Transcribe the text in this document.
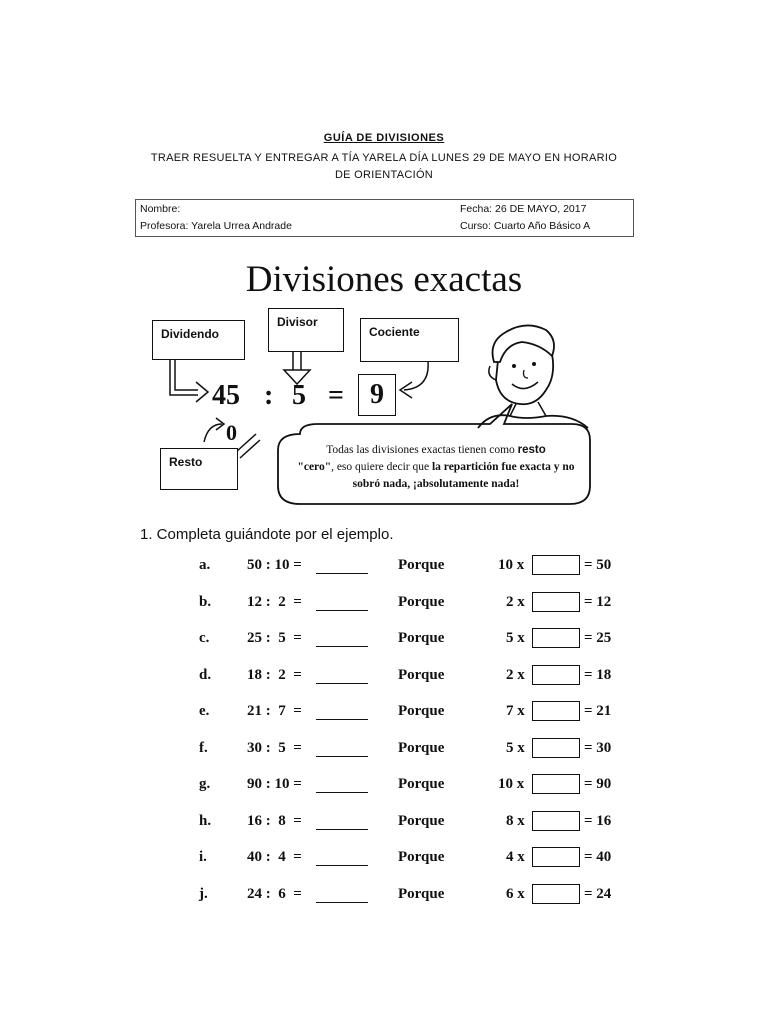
GUÍA DE DIVISIONES
TRAER RESUELTA Y ENTREGAR A TÍA YARELA DÍA LUNES 29 DE MAYO EN HORARIO DE ORIENTACIÓN
Nombre:
Profesora: Yarela Urrea Andrade
Fecha: 26 DE MAYO, 2017
Curso: Cuarto Año Básico A
Divisiones exactas
Dividendo
Divisor
Cociente
Resto
45 : 5 = 9
0
Todas las divisiones exactas tienen como resto
"cero", eso quiere decir que la repartición fue exacta y no sobró nada, ¡absolutamente nada!
1. Completa guiándote por el ejemplo.
a. 50 : 10 =	Porque	10 x	= 50
b. 12 :  2  =	Porque	2 x	= 12
c.	25 :  5  =	Porque	5 x	= 25
d. 18 :  2  =	Porque	2 x	= 18
e.	21 :  7  =	Porque	7 x	= 21
f.	30 :  5  =	Porque	5 x	= 30
g. 90 : 10 =	Porque	10 x	= 90
h. 16 :  8  =	Porque	8 x	= 16
i.	40 :  4  =	Porque	4 x	= 40
j.	24 :  6  =	Porque	6 x	= 24
